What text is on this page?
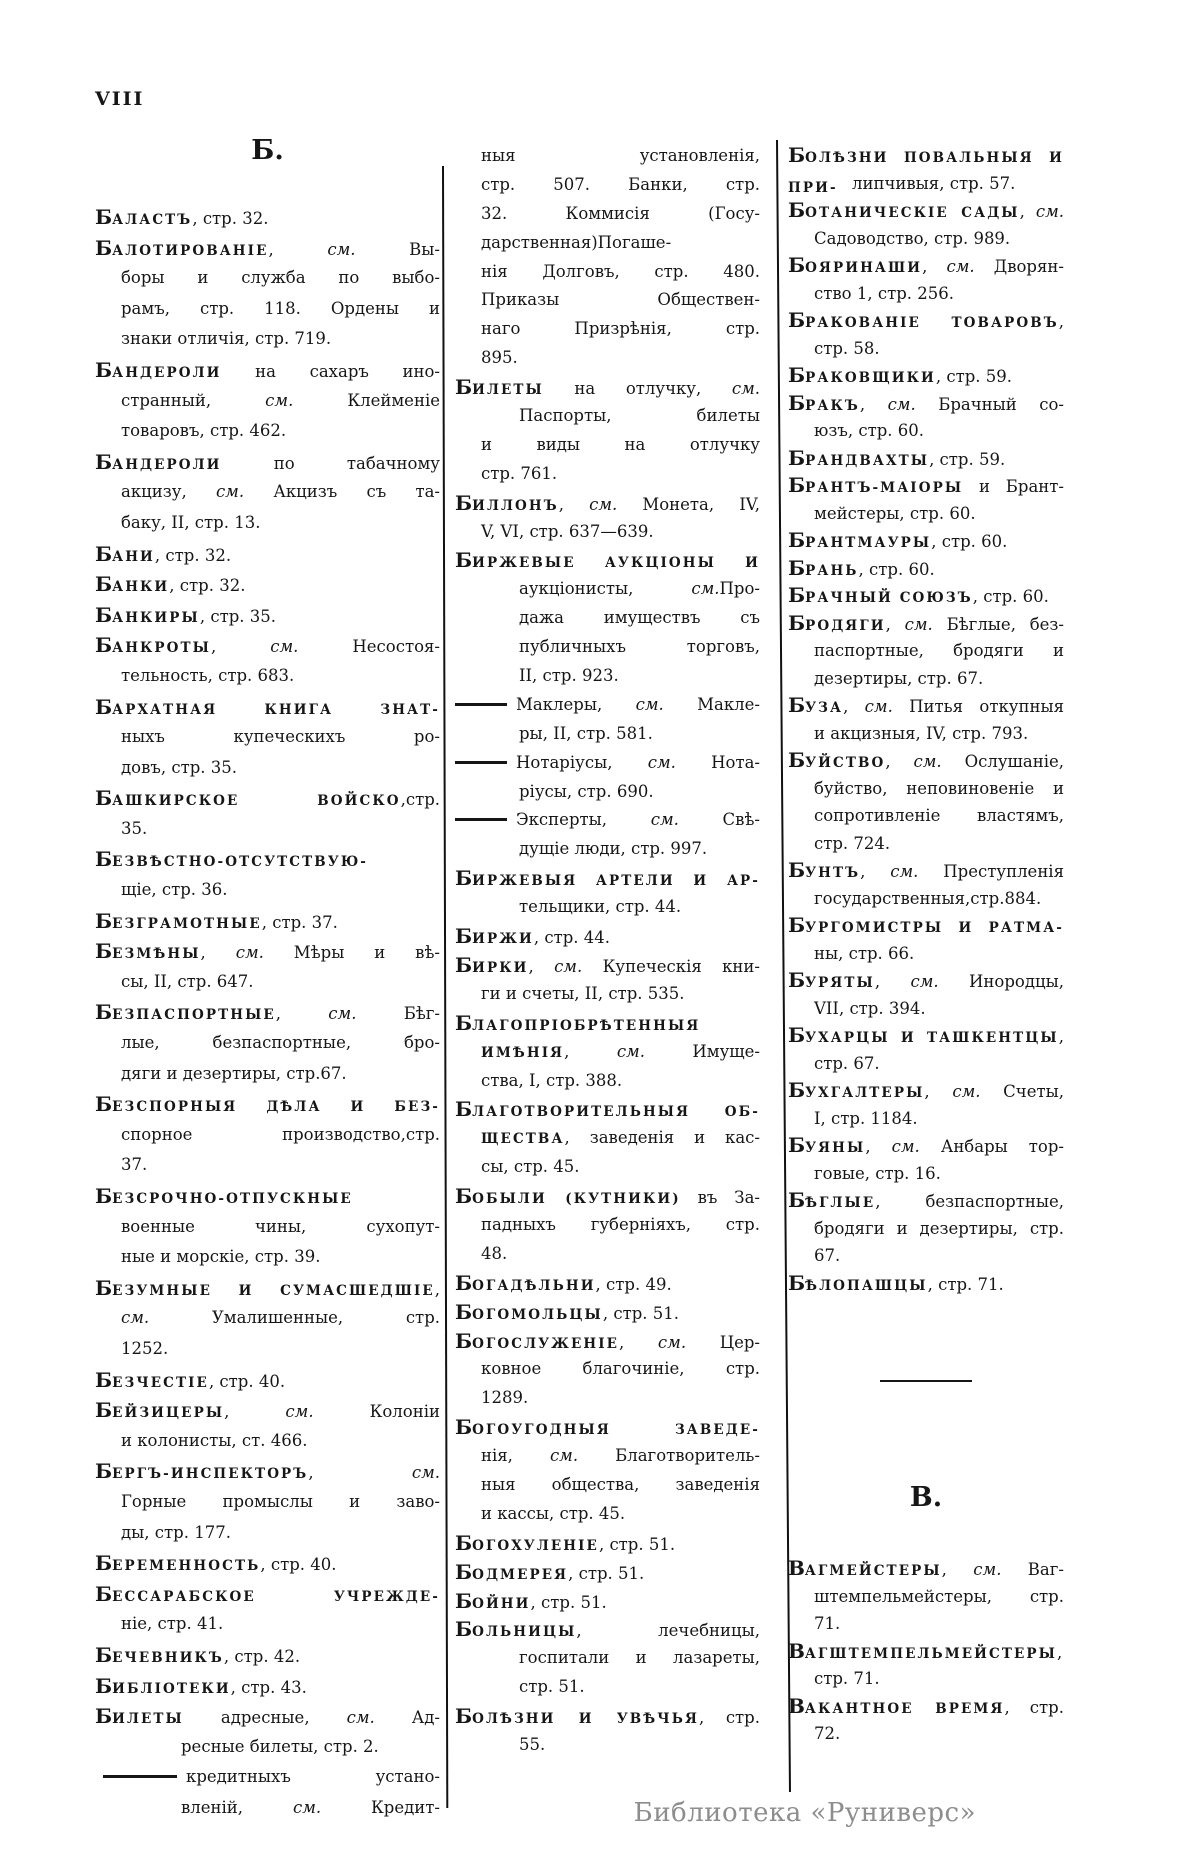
VIII
Б.
БАЛАСТЪ, стр. 32.
БАЛОТИРОВАНІЕ, см. Вы-
боры и служба по выбо-
рамъ, стр. 118. Ордены и
знаки отличія, стр. 719.
БАНДЕРОЛИ на сахаръ ино-
странный, см. Клейменіе
товаровъ, стр. 462.
БАНДЕРОЛИ по табачному
акцизу, см. Акцизъ съ та-
баку, II, стр. 13.
БАНИ, стр. 32.
БАНКИ, стр. 32.
БАНКИРЫ, стр. 35.
БАНКРОТЫ, см. Несостоя-
тельность, стр. 683.
БАРХАТНАЯ КНИГА ЗНАТ-
ныхъ купеческихъ ро-
довъ, стр. 35.
БАШКИРСКОЕ ВОЙСКО,стр.
35.
БЕЗВѢСТНО-ОТСУТСТВУЮ-
щіе, стр. 36.
БЕЗГРАМОТНЫЕ, стр. 37.
БЕЗМѢНЫ, см. Мѣры и вѣ-
сы, II, стр. 647.
БЕЗПАСПОРТНЫЕ, см. Бѣг-
лые, безпаспортные, бро-
дяги и дезертиры, стр.67.
БЕЗСПОРНЫЯ ДѢЛА И БЕЗ-
спорное производство,стр.
37.
БЕЗСРОЧНО-ОТПУСКНЫЕ
военные чины, сухопут-
ные и морскіе, стр. 39.
БЕЗУМНЫЕ И СУМАСШЕДШІЕ,
см. Умалишенные, стр.
1252.
БЕЗЧЕСТІЕ, стр. 40.
БЕЙЗИЦЕРЫ, см. Колоніи
и колонисты, ст. 466.
БЕРГЪ-ИНСПЕКТОРЪ, см.
Горные промыслы и заво-
ды, стр. 177.
БЕРЕМЕННОСТЬ, стр. 40.
БЕССАРАБСКОЕ УЧРЕЖДЕ-
ніе, стр. 41.
БЕЧЕВНИКЪ, стр. 42.
БИБЛІОТЕКИ, стр. 43.
БИЛЕТЫ адресные, см. Ад-
ресные билеты, стр. 2.
кредитныхъ устано-
вленій, см. Кредит-
ныя установленія,
стр. 507. Банки, стр.
32. Коммисія (Госу-
дарственная)Погаше-
нія Долговъ, стр. 480.
Приказы Обществен-
наго Призрѣнія, стр.
895.
БИЛЕТЫ на отлучку, см.
Паспорты, билеты
и виды на отлучку
стр. 761.
БИЛЛОНЪ, см. Монета, IV,
V, VI, стр. 637—639.
БИРЖЕВЫЕ АУКЦІОНЫ И
аукціонисты, см.Про-
дажа имуществъ съ
публичныхъ торговъ,
II, стр. 923.
Маклеры, см. Макле-
ры, II, стр. 581.
Нотаріусы, см. Нота-
ріусы, стр. 690.
Эксперты, см. Свѣ-
дущіе люди, стр. 997.
БИРЖЕВЫЯ АРТЕЛИ И АР-
тельщики, стр. 44.
БИРЖИ, стр. 44.
БИРКИ, см. Купеческія кни-
ги и счеты, II, стр. 535.
БЛАГОПРІОБРѢТЕННЫЯ
ИМѢНІЯ, см. Имуще-
ства, I, стр. 388.
БЛАГОТВОРИТЕЛЬНЫЯ ОБ-
ЩЕСТВА, заведенія и кас-
сы, стр. 45.
БОБЫЛИ (КУТНИКИ) въ За-
падныхъ губерніяхъ, стр.
48.
БОГАДѢЛЬНИ, стр. 49.
БОГОМОЛЬЦЫ, стр. 51.
БОГОСЛУЖЕНІЕ, см. Цер-
ковное благочиніе, стр.
1289.
БОГОУГОДНЫЯ ЗАВЕДЕ-
нія, см. Благотворитель-
ныя общества, заведенія
и кассы, стр. 45.
БОГОХУЛЕНІЕ, стр. 51.
БОДМЕРЕЯ, стр. 51.
БОЙНИ, стр. 51.
БОЛЬНИЦЫ, лечебницы,
госпитали и лазареты,
стр. 51.
БОЛѢЗНИ И УВѢЧЬЯ, стр.
55.
БОЛѢЗНИ ПОВАЛЬНЫЯ И ПРИ- липчивыя, стр. 57.
БОТАНИЧЕСКІЕ САДЫ, см.
Садоводство, стр. 989.
БОЯРИНАШИ, см. Дворян-
ство 1, стр. 256.
БРАКОВАНІЕ ТОВАРОВЪ,
стр. 58.
БРАКОВЩИКИ, стр. 59.
БРАКЪ, см. Брачный со-
юзъ, стр. 60.
БРАНДВАХТЫ, стр. 59.
БРАНТЪ-МАІОРЫ и Брант-
мейстеры, стр. 60.
БРАНТМАУРЫ, стр. 60.
БРАНЬ, стр. 60.
БРАЧНЫЙ СОЮЗЪ, стр. 60.
БРОДЯГИ, см. Бѣглые, без-
паспортные, бродяги и
дезертиры, стр. 67.
БУЗА, см. Питья откупныя
и акцизныя, IV, стр. 793.
БУЙСТВО, см. Ослушаніе,
буйство, неповиновеніе и
сопротивленіе властямъ,
стр. 724.
БУНТЪ, см. Преступленія
государственныя,стр.884.
БУРГОМИСТРЫ И РАТМА-
ны, стр. 66.
БУРЯТЫ, см. Инородцы,
VII, стр. 394.
БУХАРЦЫ И ТАШКЕНТЦЫ,
стр. 67.
БУХГАЛТЕРЫ, см. Счеты,
I, стр. 1184.
БУЯНЫ, см. Анбары тор-
говые, стр. 16.
БѢГЛЫЕ, безпаспортные,
бродяги и дезертиры, стр.
67.
БѢЛОПАШЦЫ, стр. 71.
В.
ВАГМЕЙСТЕРЫ, см. Ваг-
штемпельмейстеры, стр.
71.
ВАГШТЕМПЕЛЬМЕЙСТЕРЫ,
стр. 71.
ВАКАНТНОЕ ВРЕМЯ, стр.
72.
Библиотека «Руниверс»
